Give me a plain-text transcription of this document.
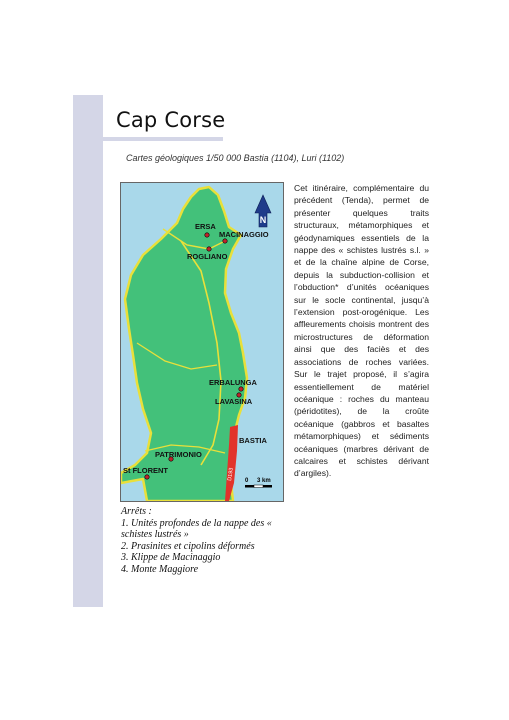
Cap Corse

Cartes géologiques 1/50 000 Bastia (1104), Luri (1102)

N
ERSA
MACINAGGIO
ROGLIANO
ERBALUNGA
LAVASINA
PATRIMONIO
BASTIA
St FLORENT	D193 0 3 km

Arrêts :

1. Unités profondes de la nappe des « schistes lustrés »

2. Prasinites et cipolins déformés

3. Klippe de Macinaggio

4. Monte Maggiore

Cet itinéraire, complémentaire du précédent (Tenda), permet de présenter quelques traits structuraux, métamorphiques et géodynamiques essentiels de la nappe des « schistes lustrés s.l. » et de la chaîne alpine de Corse, depuis la subduction-collision et l’obduction* d’unités océaniques sur le socle continental, jusqu’à l’extension post-orogénique. Les affleurements choisis montrent des microstructures de déformation ainsi que des faciès et des associations de roches variées. Sur le trajet proposé, il s’agira essentiellement de matériel océanique : roches du manteau (péridotites), de la croûte océanique (gabbros et basaltes métamorphiques) et sédiments océaniques (marbres dérivant de calcaires et schistes dérivant d’argiles).
